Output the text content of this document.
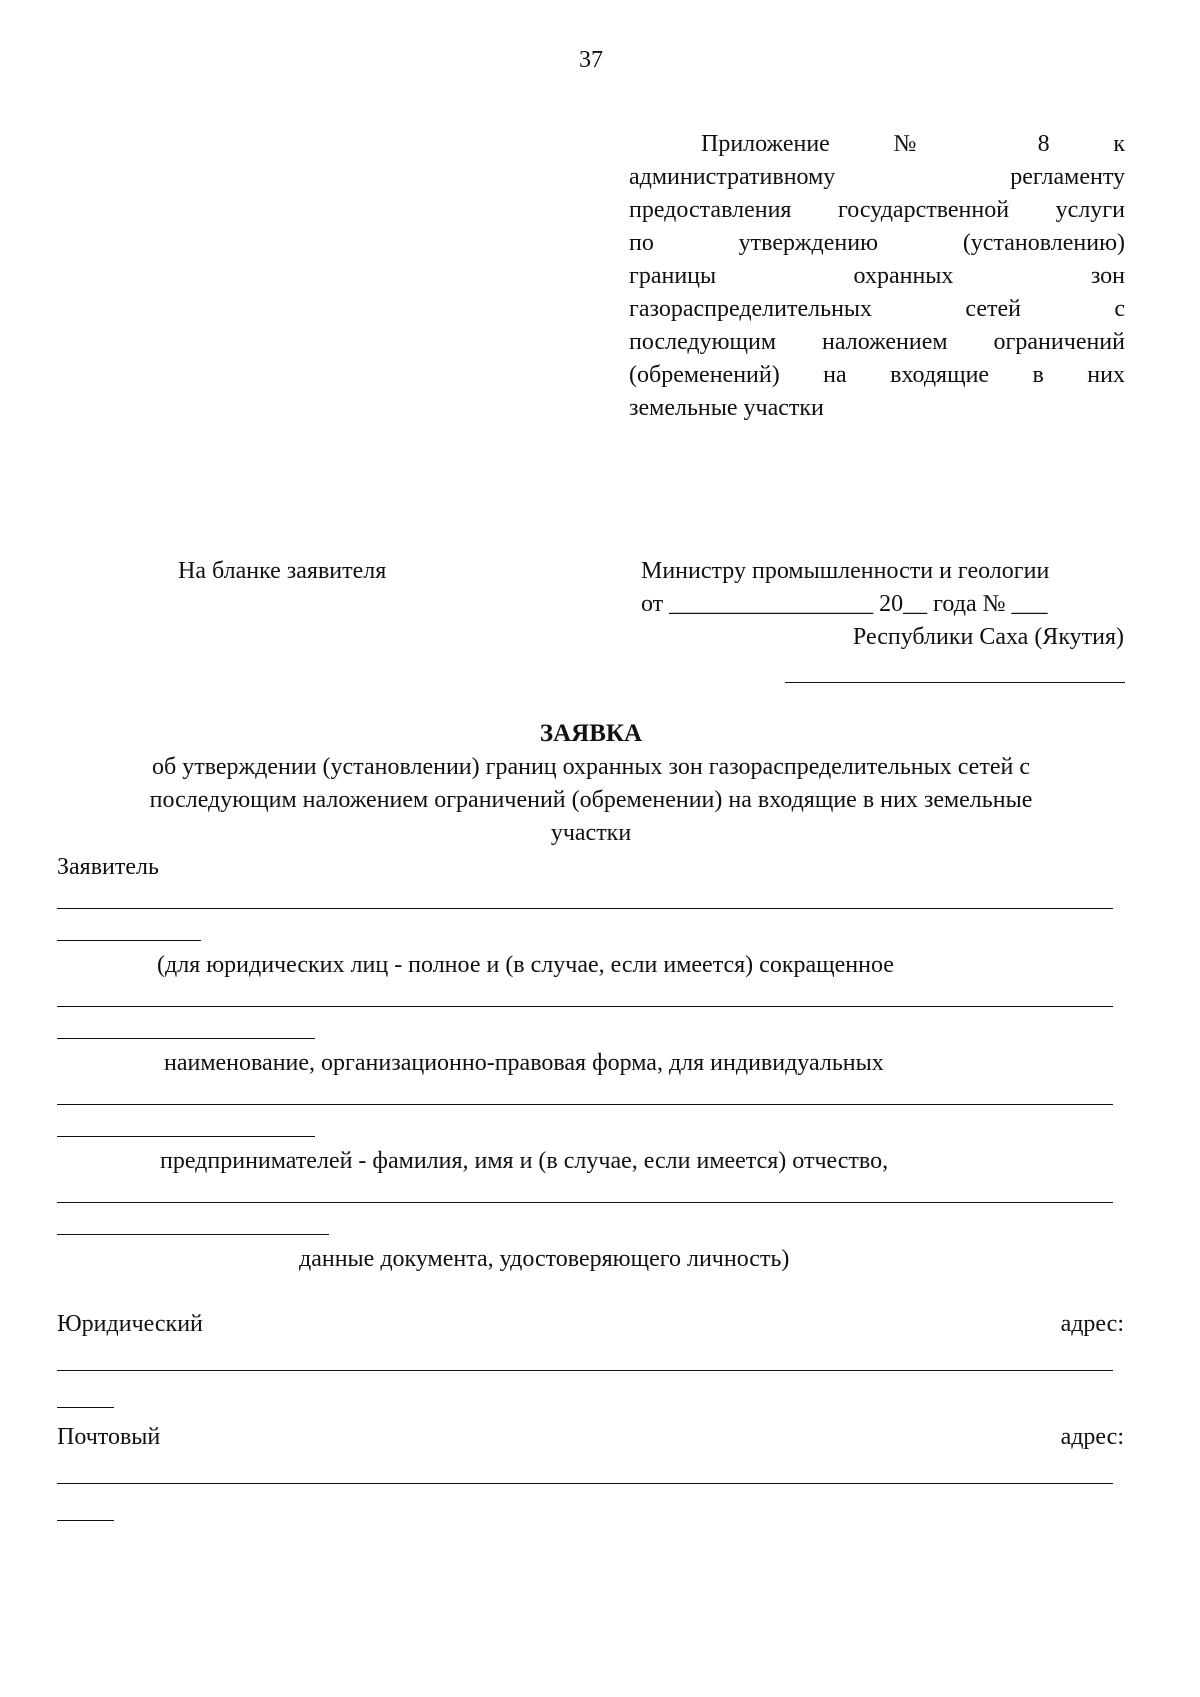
37
Приложение № 8 к
административному регламенту
предоставления государственной услуги
по утверждению (установлению)
границы охранных зон
газораспределительных сетей с
последующим наложением ограничений
(обременений) на входящие в них
земельные участки
На бланке заявителя	Министру промышленности и геологии
от _________________ 20__ года № ___
Республики Саха (Якутия)
ЗАЯВКА
об утверждении (установлении) границ охранных зон газораспределительных сетей с
последующим наложением ограничений (обременении) на входящие в них земельные
участки
Заявитель
(для юридических лиц - полное и (в случае, если имеется) сокращенное
наименование, организационно-правовая форма, для индивидуальных
предпринимателей - фамилия, имя и (в случае, если имеется) отчество,
данные документа, удостоверяющего личность)
Юридический	адрес:
Почтовый	адрес:
